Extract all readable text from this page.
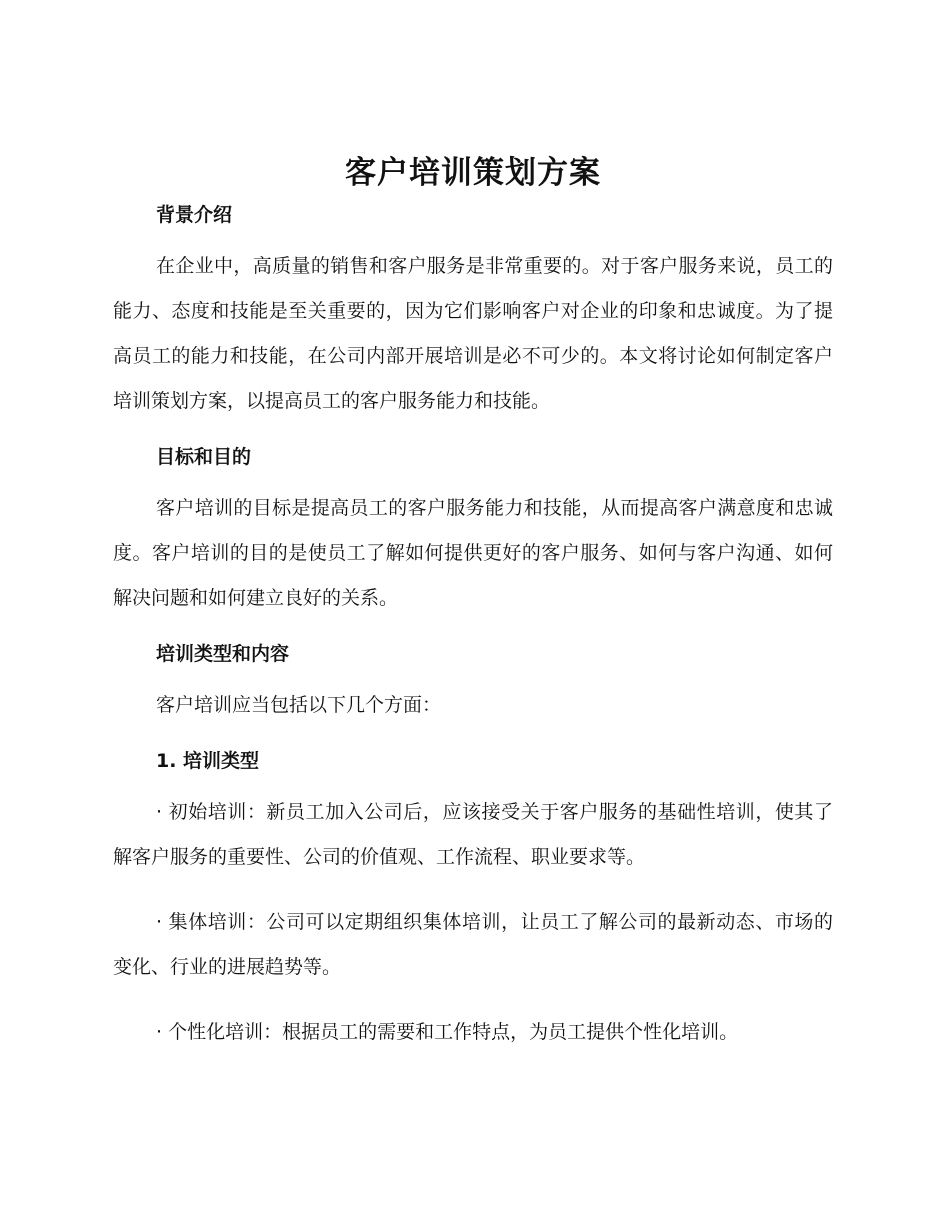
客户培训策划方案
背景介绍

在企业中，高质量的销售和客户服务是非常重要的。对于客户服务来说，员工的能力、态度和技能是至关重要的，因为它们影响客户对企业的印象和忠诚度。为了提高员工的能力和技能，在公司内部开展培训是必不可少的。本文将讨论如何制定客户培训策划方案，以提高员工的客户服务能力和技能。

目标和目的

客户培训的目标是提高员工的客户服务能力和技能，从而提高客户满意度和忠诚度。客户培训的目的是使员工了解如何提供更好的客户服务、如何与客户沟通、如何解决问题和如何建立良好的关系。

培训类型和内容

客户培训应当包括以下几个方面：

1. 培训类型

· 初始培训：新员工加入公司后，应该接受关于客户服务的基础性培训，使其了解客户服务的重要性、公司的价值观、工作流程、职业要求等。

· 集体培训：公司可以定期组织集体培训，让员工了解公司的最新动态、市场的变化、行业的进展趋势等。

· 个性化培训：根据员工的需要和工作特点，为员工提供个性化培训。
